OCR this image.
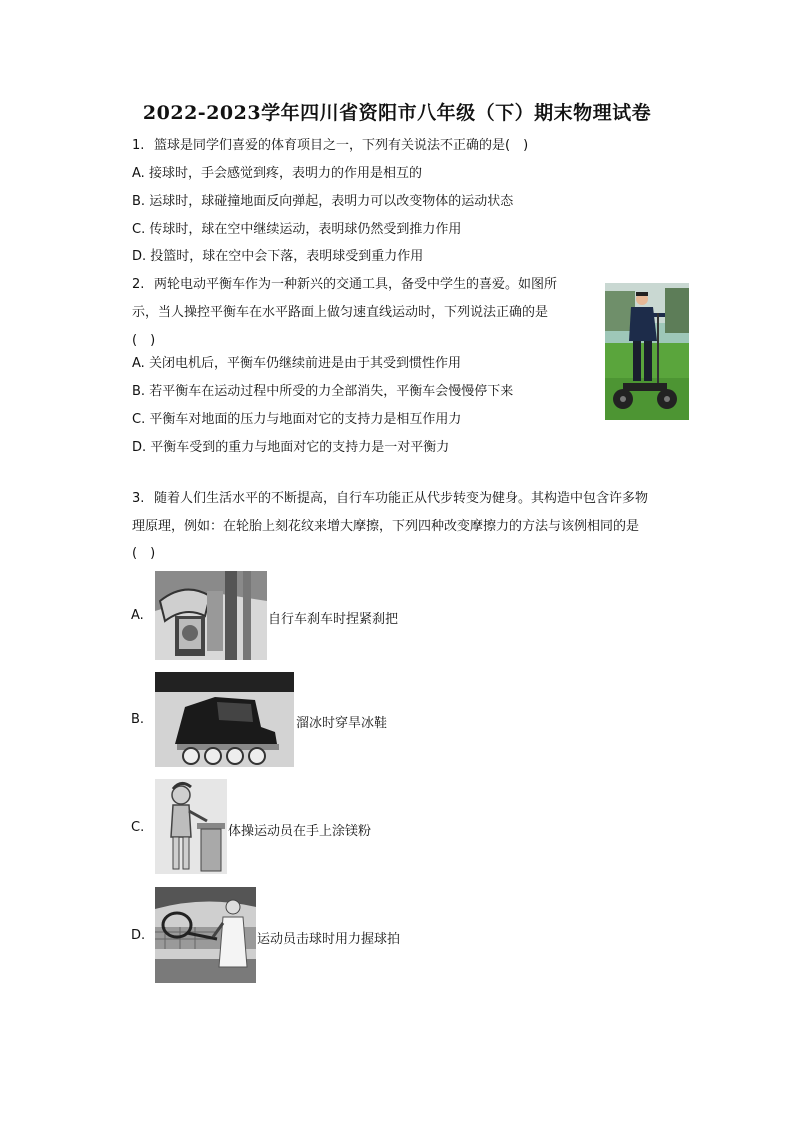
2022-2023学年四川省资阳市八年级（下）期末物理试卷
1. 篮球是同学们喜爱的体育项目之一，下列有关说法不正确的是(　)
A. 接球时，手会感觉到疼，表明力的作用是相互的
B. 运球时，球碰撞地面反向弹起，表明力可以改变物体的运动状态
C. 传球时，球在空中继续运动，表明球仍然受到推力作用
D. 投篮时，球在空中会下落，表明球受到重力作用
2. 两轮电动平衡车作为一种新兴的交通工具，备受中学生的喜爱。如图所
示，当人操控平衡车在水平路面上做匀速直线运动时，下列说法正确的是
(　)
A. 关闭电机后，平衡车仍继续前进是由于其受到惯性作用
B. 若平衡车在运动过程中所受的力全部消失，平衡车会慢慢停下来
C. 平衡车对地面的压力与地面对它的支持力是相互作用力
D. 平衡车受到的重力与地面对它的支持力是一对平衡力
3. 随着人们生活水平的不断提高，自行车功能正从代步转变为健身。其构造中包含许多物
理原理，例如：在轮胎上刻花纹来增大摩擦，下列四种改变摩擦力的方法与该例相同的是
(　)
A.	自行车刹车时捏紧刹把
B.	溜冰时穿旱冰鞋
C.	体操运动员在手上涂镁粉
D.	运动员击球时用力握球拍
